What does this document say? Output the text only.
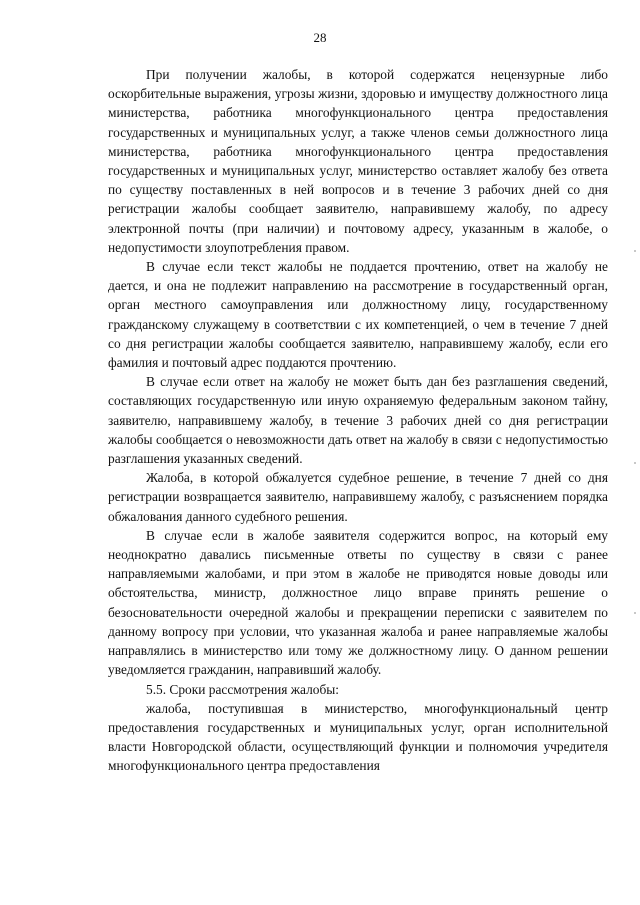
28

При получении жалобы, в которой содержатся нецензурные либо оскорбительные выражения, угрозы жизни, здоровью и имуществу должностного лица министерства, работника многофункционального центра предоставления государственных и муниципальных услуг, а также членов семьи должностного лица министерства, работника многофункционального центра предоставления государственных и муниципальных услуг, министерство оставляет жалобу без ответа по существу поставленных в ней вопросов и в течение 3 рабочих дней со дня регистрации жалобы сообщает заявителю, направившему жалобу, по адресу электронной почты (при наличии) и почтовому адресу, указанным в жалобе, о недопустимости злоупотребления правом.

В случае если текст жалобы не поддается прочтению, ответ на жалобу не дается, и она не подлежит направлению на рассмотрение в государственный орган, орган местного самоуправления или должностному лицу, государственному гражданскому служащему в соответствии с их компетенцией, о чем в течение 7 дней со дня регистрации жалобы сообщается заявителю, направившему жалобу, если его фамилия и почтовый адрес поддаются прочтению.

В случае если ответ на жалобу не может быть дан без разглашения сведений, составляющих государственную или иную охраняемую федеральным законом тайну, заявителю, направившему жалобу, в течение 3 рабочих дней со дня регистрации жалобы сообщается о невозможности дать ответ на жалобу в связи с недопустимостью разглашения указанных сведений.

Жалоба, в которой обжалуется судебное решение, в течение 7 дней со дня регистрации возвращается заявителю, направившему жалобу, с разъяснением порядка обжалования данного судебного решения.

В случае если в жалобе заявителя содержится вопрос, на который ему неоднократно давались письменные ответы по существу в связи с ранее направляемыми жалобами, и при этом в жалобе не приводятся новые доводы или обстоятельства, министр, должностное лицо вправе принять решение о безосновательности очередной жалобы и прекращении переписки с заявителем по данному вопросу при условии, что указанная жалоба и ранее направляемые жалобы направлялись в министерство или тому же должностному лицу. О данном решении уведомляется гражданин, направивший жалобу.

5.5. Сроки рассмотрения жалобы:

жалоба, поступившая в министерство, многофункциональный центр предоставления государственных и муниципальных услуг, орган исполнительной власти Новгородской области, осуществляющий функции и полномочия учредителя многофункционального центра предоставления
